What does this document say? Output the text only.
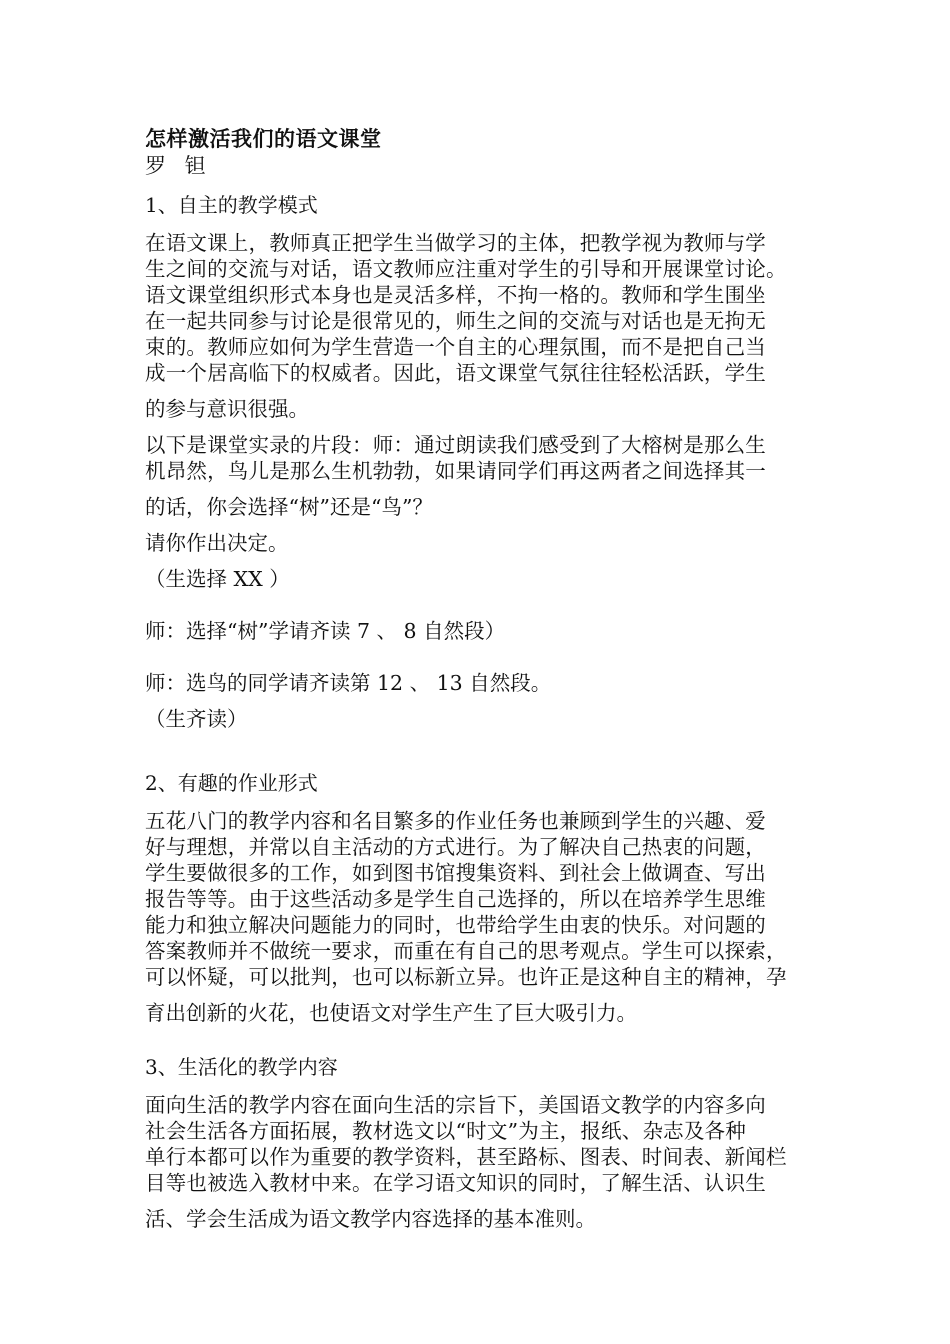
怎样激活我们的语文课堂

罗 钽

1、自主的教学模式

在语文课上，教师真正把学生当做学习的主体，把教学视为教师与学
生之间的交流与对话，语文教师应注重对学生的引导和开展课堂讨论。
语文课堂组织形式本身也是灵活多样，不拘一格的。教师和学生围坐
在一起共同参与讨论是很常见的，师生之间的交流与对话也是无拘无
束的。教师应如何为学生营造一个自主的心理氛围，而不是把自己当
成一个居高临下的权威者。因此，语文课堂气氛往往轻松活跃，学生

的参与意识很强。

以下是课堂实录的片段：师：通过朗读我们感受到了大榕树是那么生
机昂然，鸟儿是那么生机勃勃，如果请同学们再这两者之间选择其一

的话，你会选择“树”还是“鸟”？

请你作出决定。

（生选择 XX ）

师：选择“树”学请齐读 7 、 8 自然段）

师：选鸟的同学请齐读第 12 、 13 自然段。

（生齐读）

2、有趣的作业形式

五花八门的教学内容和名目繁多的作业任务也兼顾到学生的兴趣、爱
好与理想，并常以自主活动的方式进行。为了解决自己热衷的问题，
学生要做很多的工作，如到图书馆搜集资料、到社会上做调查、写出
报告等等。由于这些活动多是学生自己选择的，所以在培养学生思维
能力和独立解决问题能力的同时，也带给学生由衷的快乐。对问题的
答案教师并不做统一要求，而重在有自己的思考观点。学生可以探索，
可以怀疑，可以批判，也可以标新立异。也许正是这种自主的精神，孕

育出创新的火花，也使语文对学生产生了巨大吸引力。

3、生活化的教学内容

面向生活的教学内容在面向生活的宗旨下，美国语文教学的内容多向
社会生活各方面拓展，教材选文以“时文”为主，报纸、杂志及各种
单行本都可以作为重要的教学资料，甚至路标、图表、时间表、新闻栏
目等也被选入教材中来。在学习语文知识的同时，了解生活、认识生

活、学会生活成为语文教学内容选择的基本准则。
